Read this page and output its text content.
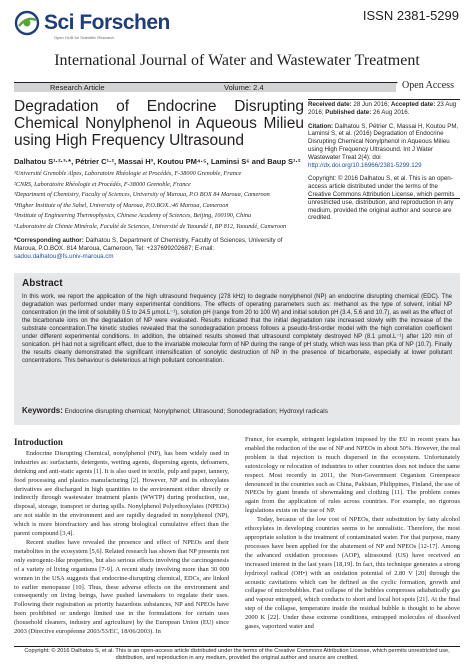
Sci Forschen
Open HUB for Scientific Research
ISSN 2381-5299
International Journal of Water and Wastewater Treatment
Research Article	Volume: 2.4	Open Access
Degradation of Endocrine Disrupting Chemical Nonylphenol in Aqueous Milieu using High Frequency Ultrasound
Dalhatou S¹·²·³·*, Pétrier C¹·², Massai H³, Koutou PM⁴·⁵, Laminsi S⁶ and Baup S¹·²
¹Université Grenoble Alpes, Laboratoire Rhéologie et Procédés, F-38000 Grenoble, France
²CNRS, Laboratoire Rhéologie et Procédés, F-38000 Grenoble, France
³Department of Chemistry, Faculty of Sciences, University of Maroua, P.O BOX 84 Maroua, Cameroon
⁴Higher Institute of the Sahel, University of Maroua, P.O.BOX.:46 Maroua, Cameroon
⁵Institute of Engineering Thermophysics, Chinese Academy of Sciences, Beijing, 100190, China
⁶Laboratoire de Chimie Minérale, Faculté de Sciences, Université de Yaoundé I, BP 812, Yaoundé, Cameroon
*Corresponding author: Dalhatou S, Department of Chemistry, Faculty of Sciences, University of Maroua, P.O.BOX. 814 Maroua, Cameroon, Tel: +237699202687; E-mail:
sadou.dalhatou@fs.univ-maroua.cm

Received date: 28 Jun 2016; Accepted date: 23 Aug 2016; Published date: 26 Aug 2016.

Citation: Dalhatou S, Pétrier C, Massai H, Koutou PM, Laminsi S, et al. (2016) Degradation of Endocrine Disrupting Chemical Nonylphenol in Aqueous Milieu using High Frequency Ultrasound. Int J Water Wastewater Treat 2(4): doi http://dx.doi.org/10.16966/2381-5299.129

Copyright: © 2016 Dalhatou S, et al. This is an open-access article distributed under the terms of the Creative Commons Attribution License, which permits unrestricted use, distribution, and reproduction in any medium, provided the original author and source are credited.

Abstract
In this work, we report the application of the high ultrasound frequency (278 kHz) to degrade nonylphenol (NP) an endocrine disrupting chemical (EDC). The degradation was performed under many experimental conditions. The effects of operating parameters such as: methanol as the type of solvent, initial NP concentration (in the limit of solubility 0.5 to 24.5 µmol.L⁻¹), solution pH (range from 20 to 100 W) and initial solution pH (3.4, 5.6 and 10.7), as well as the effect of the bicarbonate ions on the degradation of NP were evaluated. Results indicated that the initial degradation rate increased slowly with the increase of the substrate concentration.The kinetic studies revealed that the sonodegradation process follows a pseudo-first-order model with the high correlation coefficient under different experimental conditions. In addition, the obtained results showed that ultrasound completely destroyed NP (8.1 µmol.L⁻¹) after 120 min of sonication. pH had not a significant effect, due to the invariable molecular form of NP during the range of pH study, which was less than pKa of NP (10.7). Finally the results clearly demonstrated the significant intensification of sonolytic destruction of NP in the presence of bicarbonate, especially at lower pollutant concentrations. This behaviour is deleterious at high pollutant concentration.
Keywords: Endocrine disrupting chemical; Nonylphenol; Ultrasound; Sonodegradation; Hydroxyl radicals
Introduction

Endocrine Disrupting Chemical, nonylphenol (NP), has been widely used in industries as: surfactants, detergents, wetting agents, dispersing agents, defoamers, deinking and anti-static agents [1]. It is also used in textile, pulp and paper, tannery, food processing and plastics manufacturing [2]. However, NP and its ethoxylates derivatives are discharged in high quantities to the environment either directly or indirectly through wastewater treatment plants (WWTP) during production, use, disposal, storage, transport or during spills. Nonylphenol Polyethoxylates (NPEOs) are not stable in the environment and are rapidly degraded in nonylphenol (NP), which is more biorefractory and has strong biological cumulative effect than the parent compound [3,4].

Recent studies have revealed the presence and effect of NPEOs and their metabolites in the ecosystem [5,6]. Related research has shown that NP presents not only estrogenic-like properties, but also serious effects involving the carcinogenesis of a variety of living organisms [7-9]. A recent study involving more than 30 000 women in the USA suggests that endocrine-disrupting chemical, EDCs, are linked to earlier menopause [10]. Thus, these adverse effects on the environment and consequently on living beings, have pushed lawmakers to regulate their uses. Following their registration as priority hazardous substances, NP and NPEOs have been prohibited or undergo limited use in the formulations for certain uses (household cleaners, industry and agriculture) by the European Union (EU) since 2003 (Directive européenne 2003/53/EC, 18/06/2003). In

France, for example, stringent legislation imposed by the EU in recent years has enabled the reduction of the use of NP and NPEOs in about 50%. However, the real problem is that rejection is much dispersed in the ecosystem. Unfortunately sutoxicology or relocation of industries to other countries does not induce the same respect. Most recently in 2011, the Non-Government Organism Greenpeace denounced in the countries such as China, Pakistan, Philippines, Finland, the use of NPEOs by giant brands of showmaking and clothing [11]. The problem comes again from the application of rules across countries. For example, no rigorous legislations exists on the use of NP.

Today, because of the low cost of NPEOs, their substitution by fatty alcohol ethoxylates in developing countries seems to be unrealistic. Therefore, the most appropriate solution is the treatment of contaminated water. For that purpose, many processes have been applied for the abatement of NP and NPEOs [12-17]. Among the advanced oxidation processes (AOP), ultrasound (US) have received an increased interest in the last years [18,19]. In fact, this technique generates a strong hydroxyl radical (OH•) with an oxidation potential of 2.80 V [20] through the acoustic cavitations which can be defined as the cyclic formation, growth and collapse of microbubbles. Fast collapse of the bubbles compresses adiabatically gas and vapour entrapped, which conducts to short and local hot spots [21]. At the final step of the collapse, temperature inside the residual bubble is thought to be above 2000 K [22]. Under these extreme conditions, entrapped molecules of dissolved gases, vaporized water and

Copyright: © 2016 Dalhatou S, et al. This is an open-access article distributed under the terms of the Creative Commons Attribution License, which permits unrestricted use, distribution, and reproduction in any medium, provided the original author and source are credited.
